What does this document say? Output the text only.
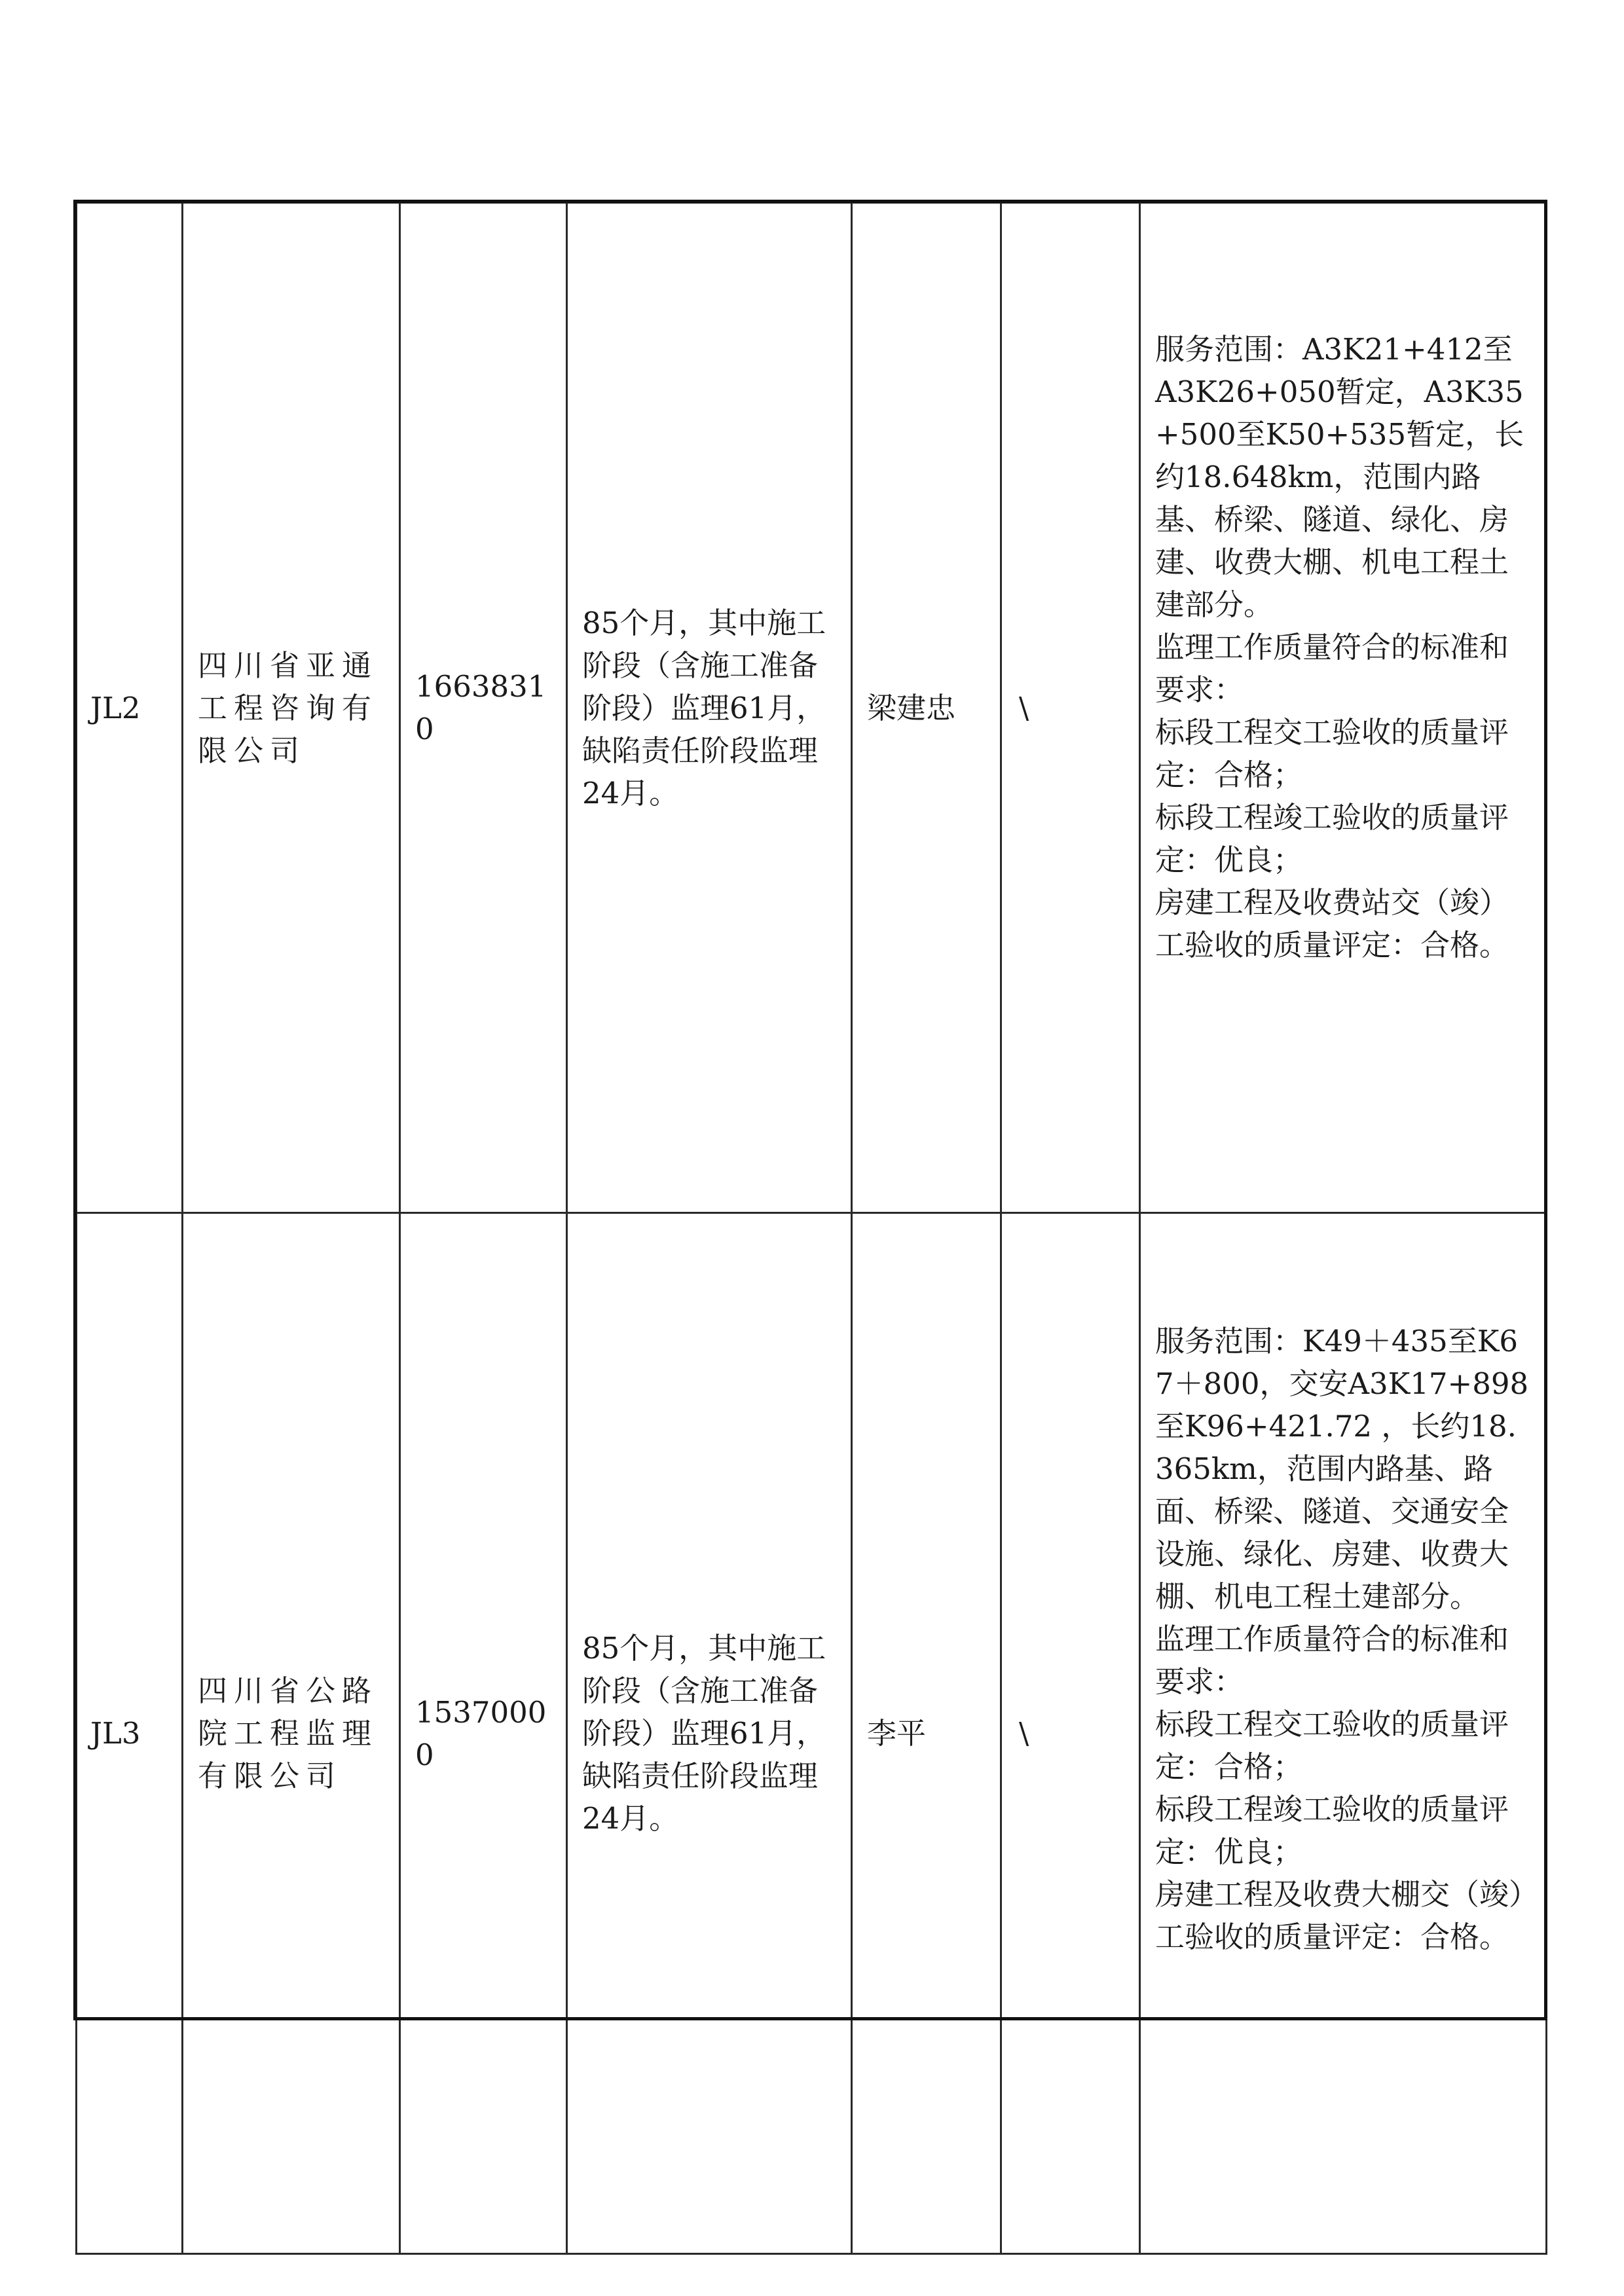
JL2	四川省亚通工程咨询有限公司	16638310	85个月，其中施工阶段（含施工准备阶段）监理61月，缺陷责任阶段监理24月。	梁建忠	\	服务范围：A3K21+412至A3K26+050暂定，A3K35+500至K50+535暂定，长约18.648km，范围内路基、桥梁、隧道、绿化、房建、收费大棚、机电工程土建部分。
监理工作质量符合的标准和要求：
标段工程交工验收的质量评定：合格；
标段工程竣工验收的质量评定：优良；
房建工程及收费站交（竣）工验收的质量评定：合格。

JL3	四川省公路院工程监理有限公司	15370000	85个月，其中施工阶段（含施工准备阶段）监理61月，缺陷责任阶段监理24月。	李平	\	服务范围：K49＋435至K67＋800，交安A3K17+898至K96+421.72 ，长约18.365km，范围内路基、路面、桥梁、隧道、交通安全设施、绿化、房建、收费大棚、机电工程土建部分。
监理工作质量符合的标准和要求：
标段工程交工验收的质量评定：合格；
标段工程竣工验收的质量评定：优良；
房建工程及收费大棚交（竣）工验收的质量评定：合格。
